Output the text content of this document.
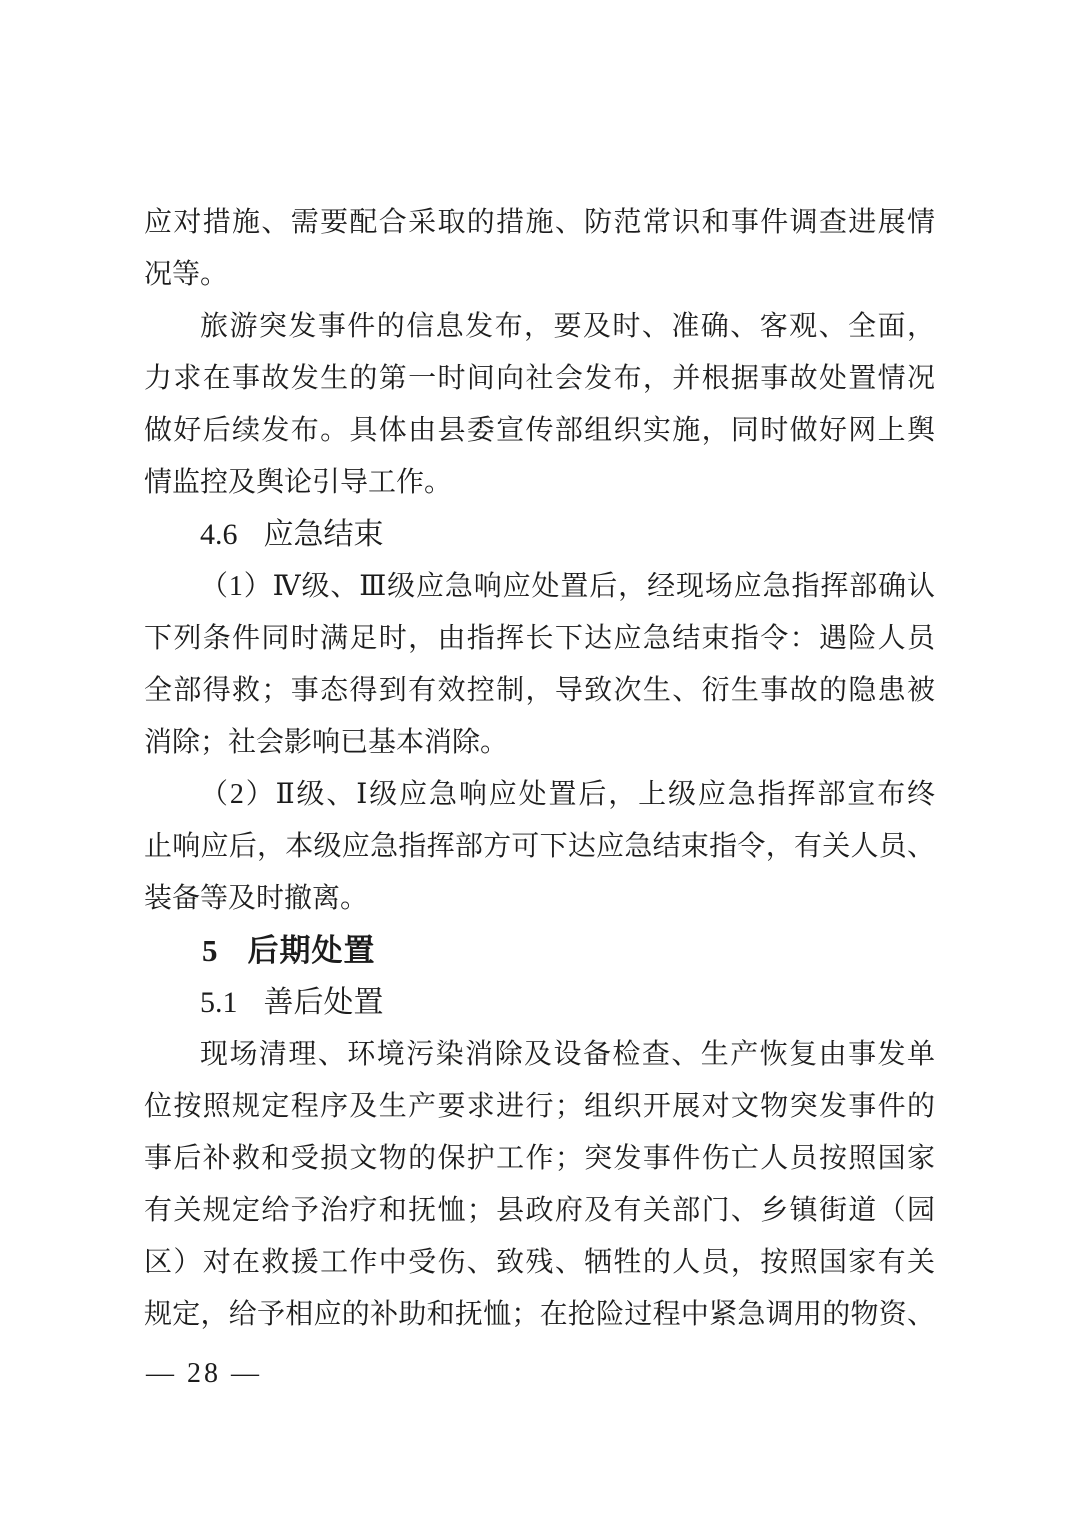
应对措施、需要配合采取的措施、防范常识和事件调查进展情
况等。
旅游突发事件的信息发布，要及时、准确、客观、全面，
力求在事故发生的第一时间向社会发布，并根据事故处置情况
做好后续发布。具体由县委宣传部组织实施，同时做好网上舆
情监控及舆论引导工作。
4.6 应急结束
（1）Ⅳ级、Ⅲ级应急响应处置后，经现场应急指挥部确认
下列条件同时满足时，由指挥长下达应急结束指令：遇险人员
全部得救；事态得到有效控制，导致次生、衍生事故的隐患被
消除；社会影响已基本消除。
（2）Ⅱ级、Ⅰ级应急响应处置后，上级应急指挥部宣布终
止响应后，本级应急指挥部方可下达应急结束指令，有关人员、
装备等及时撤离。
5 后期处置
5.1 善后处置
现场清理、环境污染消除及设备检查、生产恢复由事发单
位按照规定程序及生产要求进行；组织开展对文物突发事件的
事后补救和受损文物的保护工作；突发事件伤亡人员按照国家
有关规定给予治疗和抚恤；县政府及有关部门、乡镇街道（园
区）对在救援工作中受伤、致残、牺牲的人员，按照国家有关
规定，给予相应的补助和抚恤；在抢险过程中紧急调用的物资、
— 28 —
